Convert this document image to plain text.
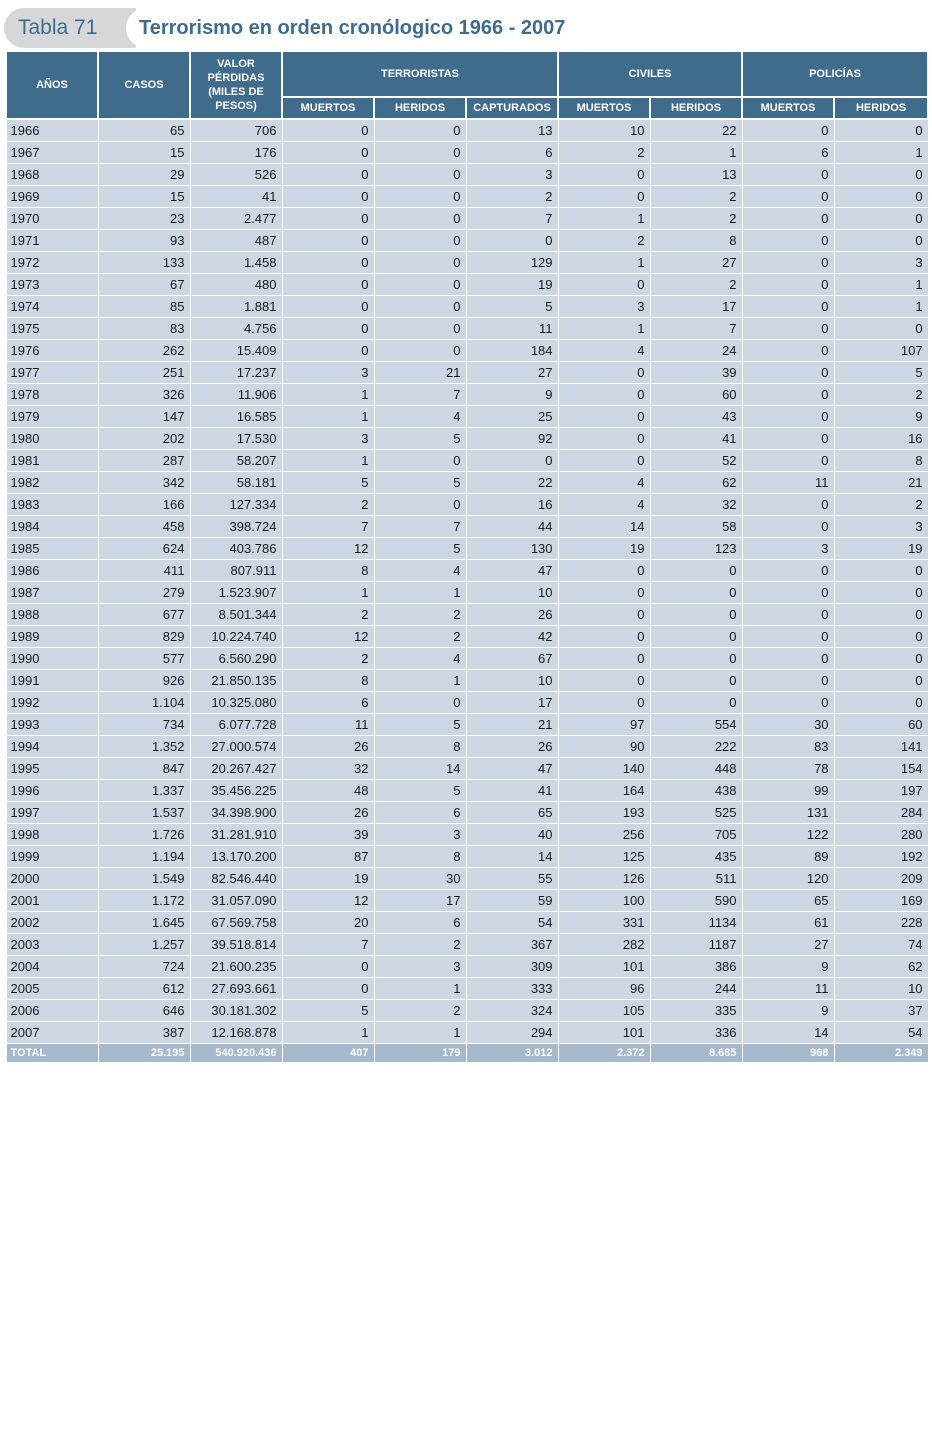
Tabla 71	Terrorismo en orden cronólogico 1966 - 2007
AÑOS	CASOS	VALOR PÉRDIDAS (MILES DE PESOS)	TERRORISTAS			CIVILES		POLICÍAS	
			MUERTOS	HERIDOS	CAPTURADOS	MUERTOS	HERIDOS	MUERTOS	HERIDOS
1966	65	706	0	0	13	10	22	0	0
1967	15	176	0	0	6	2	1	6	1
1968	29	526	0	0	3	0	13	0	0
1969	15	41	0	0	2	0	2	0	0
1970	23	2.477	0	0	7	1	2	0	0
1971	93	487	0	0	0	2	8	0	0
1972	133	1.458	0	0	129	1	27	0	3
1973	67	480	0	0	19	0	2	0	1
1974	85	1.881	0	0	5	3	17	0	1
1975	83	4.756	0	0	11	1	7	0	0
1976	262	15.409	0	0	184	4	24	0	107
1977	251	17.237	3	21	27	0	39	0	5
1978	326	11.906	1	7	9	0	60	0	2
1979	147	16.585	1	4	25	0	43	0	9
1980	202	17.530	3	5	92	0	41	0	16
1981	287	58.207	1	0	0	0	52	0	8
1982	342	58.181	5	5	22	4	62	11	21
1983	166	127.334	2	0	16	4	32	0	2
1984	458	398.724	7	7	44	14	58	0	3
1985	624	403.786	12	5	130	19	123	3	19
1986	411	807.911	8	4	47	0	0	0	0
1987	279	1.523.907	1	1	10	0	0	0	0
1988	677	8.501.344	2	2	26	0	0	0	0
1989	829	10.224.740	12	2	42	0	0	0	0
1990	577	6.560.290	2	4	67	0	0	0	0
1991	926	21.850.135	8	1	10	0	0	0	0
1992	1.104	10.325.080	6	0	17	0	0	0	0
1993	734	6.077.728	11	5	21	97	554	30	60
1994	1.352	27.000.574	26	8	26	90	222	83	141
1995	847	20.267.427	32	14	47	140	448	78	154
1996	1.337	35.456.225	48	5	41	164	438	99	197
1997	1.537	34.398.900	26	6	65	193	525	131	284
1998	1.726	31.281.910	39	3	40	256	705	122	280
1999	1.194	13.170.200	87	8	14	125	435	89	192
2000	1.549	82.546.440	19	30	55	126	511	120	209
2001	1.172	31.057.090	12	17	59	100	590	65	169
2002	1.645	67.569.758	20	6	54	331	1134	61	228
2003	1.257	39.518.814	7	2	367	282	1187	27	74
2004	724	21.600.235	0	3	309	101	386	9	62
2005	612	27.693.661	0	1	333	96	244	11	10
2006	646	30.181.302	5	2	324	105	335	9	37
2007	387	12.168.878	1	1	294	101	336	14	54
TOTAL	25.195	540.920.436	407	179	3.012	2.372	8.685	968	2.349
